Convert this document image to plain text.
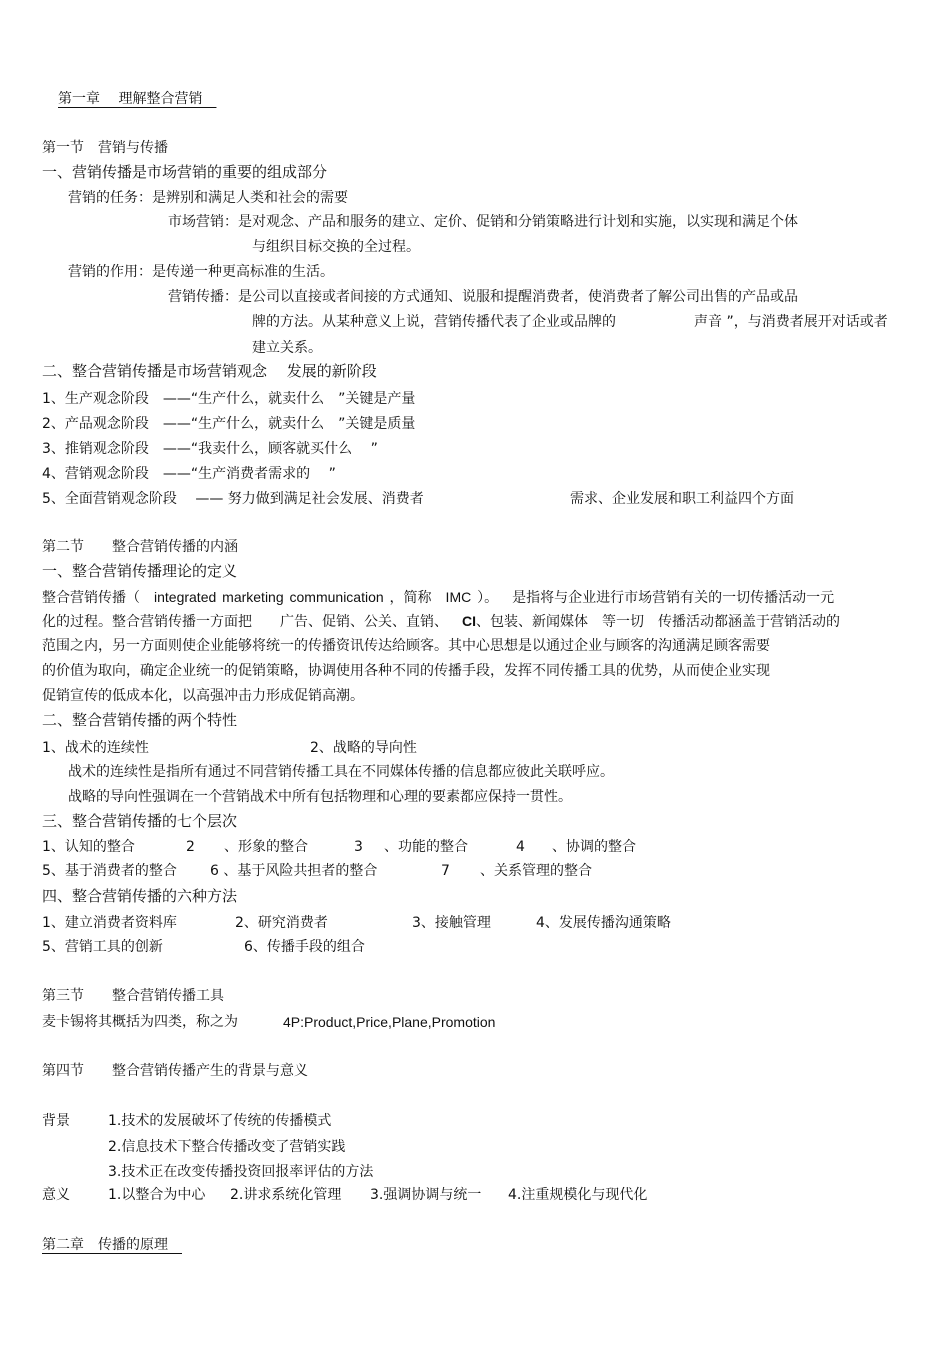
第一章　 理解整合营销　
第一节　营销与传播
一、营销传播是市场营销的重要的组成部分
营销的任务：是辨别和满足人类和社会的需要
市场营销：是对观念、产品和服务的建立、定价、促销和分销策略进行计划和实施，以实现和满足个体
与组织目标交换的全过程。
营销的作用：是传递一种更高标准的生活。
营销传播：是公司以直接或者间接的方式通知、说服和提醒消费者，使消费者了解公司出售的产品或品
牌的方法。从某种意义上说，营销传播代表了企业或品牌的	声音 ”，与消费者展开对话或者
建立关系。
二、整合营销传播是市场营销观念　 发展的新阶段
1、生产观念阶段　——“生产什么，就卖什么　”关键是产量
2、产品观念阶段　——“生产什么，就卖什么　”关键是质量
3、推销观念阶段　——“我卖什么，顾客就买什么　 ”
4、营销观念阶段　——“生产消费者需求的　 ”
5、全面营销观念阶段　 —— 努力做到满足社会发展、消费者	需求、企业发展和职工利益四个方面
第二节　　整合营销传播的内涵
一、整合营销传播理论的定义
整合营销传播（ integrated marketing communication ，简称　IMC ）。 是指将与企业进行市场营销有关的一切传播活动一元
化的过程。整合营销传播一方面把　　广告、促销、公关、直销、 CI、包装、新闻媒体　等一切　传播活动都涵盖于营销活动的
范围之内，另一方面则使企业能够将统一的传播资讯传达给顾客。其中心思想是以通过企业与顾客的沟通满足顾客需要
的价值为取向，确定企业统一的促销策略，协调使用各种不同的传播手段，发挥不同传播工具的优势，从而使企业实现
促销宣传的低成本化，以高强冲击力形成促销高潮。
二、整合营销传播的两个特性
1、战术的连续性	2、战略的导向性
战术的连续性是指所有通过不同营销传播工具在不同媒体传播的信息都应彼此关联呼应。
战略的导向性强调在一个营销战术中所有包括物理和心理的要素都应保持一贯性。
三、整合营销传播的七个层次
1、认知的整合	2 、形象的整合	3 、功能的整合	4 、协调的整合
5、基于消费者的整合 6 、基于风险共担者的整合	7 、关系管理的整合
四、整合营销传播的六种方法
1、建立消费者资料库	2、研究消费者	3、接触管理	4、发展传播沟通策略
5、营销工具的创新	6、传播手段的组合
第三节　　整合营销传播工具
麦卡锡将其概括为四类，称之为	4P:Product,Price,Plane,Promotion
第四节　　整合营销传播产生的背景与意义
背景	1.技术的发展破坏了传统的传播模式
2.信息技术下整合传播改变了营销实践
3.技术正在改变传播投资回报率评估的方法
意义	1.以整合为中心 2.讲求系统化管理 3.强调协调与统一 4.注重规模化与现代化
第二章　传播的原理　
